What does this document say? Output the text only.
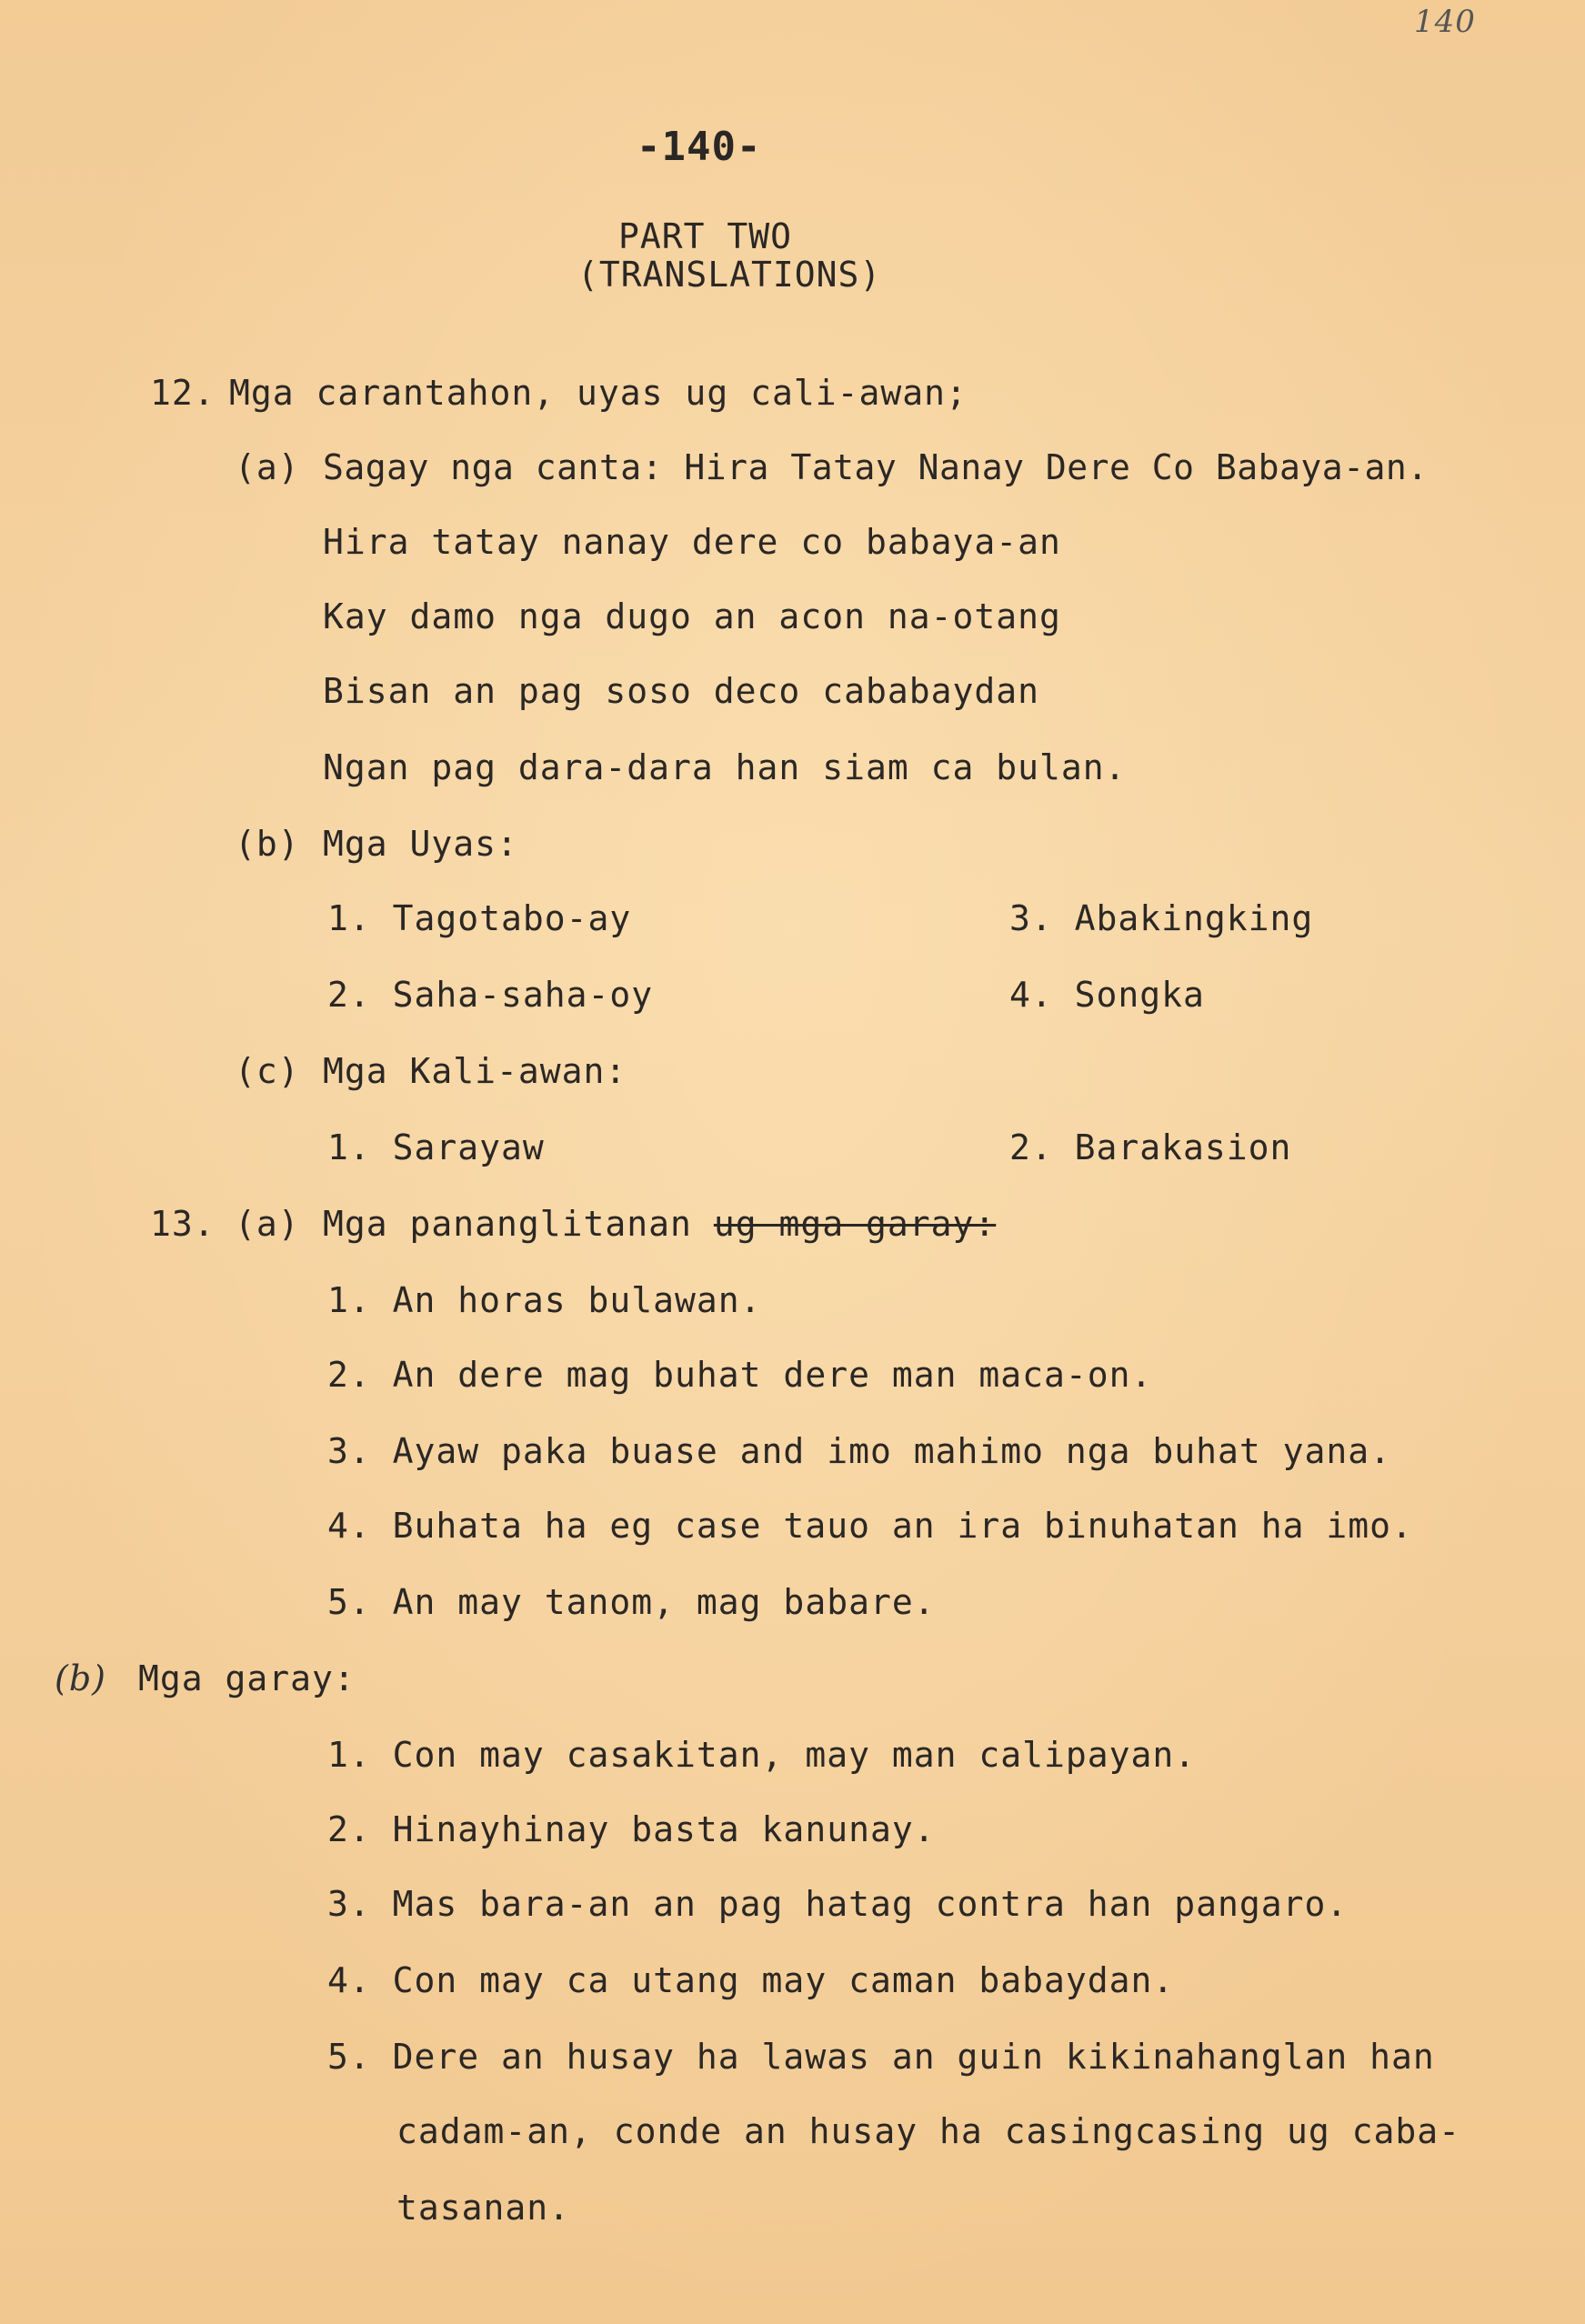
140
-140-
PART TWO
(TRANSLATIONS)
12. Mga carantahon, uyas ug cali-awan;
(a) Sagay nga canta: Hira Tatay Nanay Dere Co Babaya-an.
Hira tatay nanay dere co babaya-an
Kay damo nga dugo an acon na-otang
Bisan an pag soso deco cababaydan
Ngan pag dara-dara han siam ca bulan.
(b) Mga Uyas:
1. Tagotabo-ay	3. Abakingking
2. Saha-saha-oy	4. Songka
(c) Mga Kali-awan:
1. Sarayaw	2. Barakasion
13. (a) Mga pananglitanan ug mga garay:
1. An horas bulawan.
2. An dere mag buhat dere man maca-on.
3. Ayaw paka buase and imo mahimo nga buhat yana.
4. Buhata ha eg case tauo an ira binuhatan ha imo.
5. An may tanom, mag babare.
(b) Mga garay:
1. Con may casakitan, may man calipayan.
2. Hinayhinay basta kanunay.
3. Mas bara-an an pag hatag contra han pangaro.
4. Con may ca utang may caman babaydan.
5. Dere an husay ha lawas an guin kikinahanglan han
cadam-an, conde an husay ha casingcasing ug caba-
tasanan.
